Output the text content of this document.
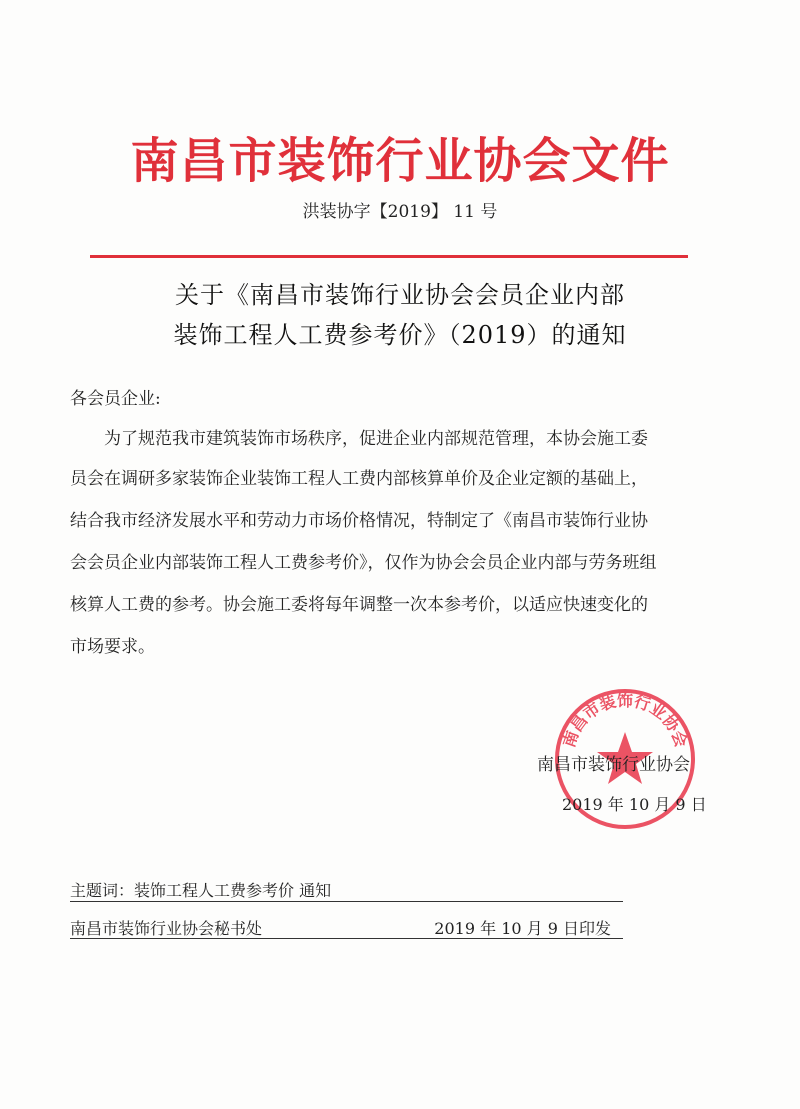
南昌市装饰行业协会文件
洪装协字【2019】 11 号
关于《南昌市装饰行业协会会员企业内部
装饰工程人工费参考价》（2019）的通知
各会员企业:
为了规范我市建筑装饰市场秩序，促进企业内部规范管理，本协会施工委
员会在调研多家装饰企业装饰工程人工费内部核算单价及企业定额的基础上，
结合我市经济发展水平和劳动力市场价格情况，特制定了《南昌市装饰行业协
会会员企业内部装饰工程人工费参考价》，仅作为协会会员企业内部与劳务班组
核算人工费的参考。协会施工委将每年调整一次本参考价，以适应快速变化的
市场要求。
南昌市装饰行业协会
南昌市装饰行业协会
2019 年 10 月 9 日
主题词：装饰工程人工费参考价 通知
南昌市装饰行业协会秘书处	2019 年 10 月 9 日印发
